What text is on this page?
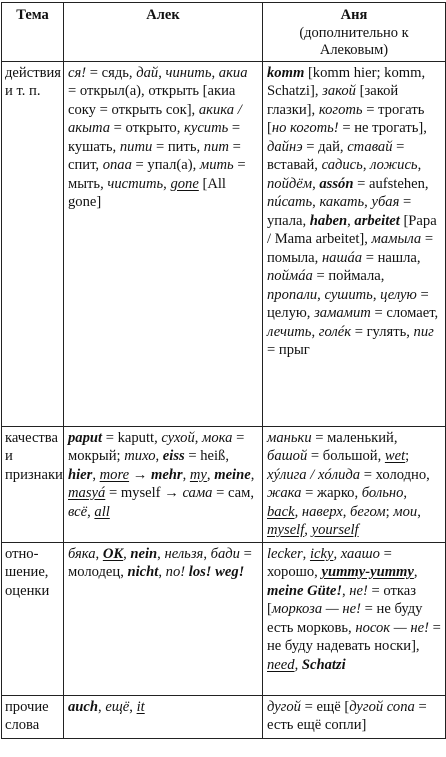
Тема	Алек	Аня
(дополнительно к Алековым)

действия и т. п.	ся! = сядь, дай, чинить, акиа = открыл(а), открыть [акиа соку = открыть сок], акика / акыта = открыто, кусить = кушать, пити = пить, пит = спит, опаа = упал(а), мить = мыть, чистить, gone [All gone]	komm [komm hier; komm, Schatzi], закой [закой глазки], коготь = трогать [но коготь! = не трогать], дайнэ = дай, ставай = вставай, садись, ложись, пойдём, assón = aufstehen, пúсать, какать, убая = упала, haben, arbeitet [Papa / Mama arbeitet], мамыла = помыла, нашáа = нашла, поймáа = поймала, пропали, сушить, целую = целую, замамит = сломает, лечить, голéк = гулять, пиг = прыг
качества и признаки	paput = kaputt, сухой, мока = мокрый; тихо, eiss = heiß, hier, more → mehr, my, meine, masyá = myself → сама = сам, всё, all	маньки = маленький, башой = большой, wet; хýлига / хóлида = холодно, жака = жарко, больно, back, наверх, бегом; мои, myself, yourself
отношение, оценки	бяка, OK, nein, нельзя, бади = молодец, nicht, no! los! weg!	lecker, icky, хаашо = хорошо, yummy-yummy, meine Güte!, не! = отказ [моркоза — не! = не буду есть морковь, носок — не! = не буду надевать носки], need, Schatzi
прочие слова	auch, ещё, it	дугой = ещё [дугой сопа = есть ещё сопли]
